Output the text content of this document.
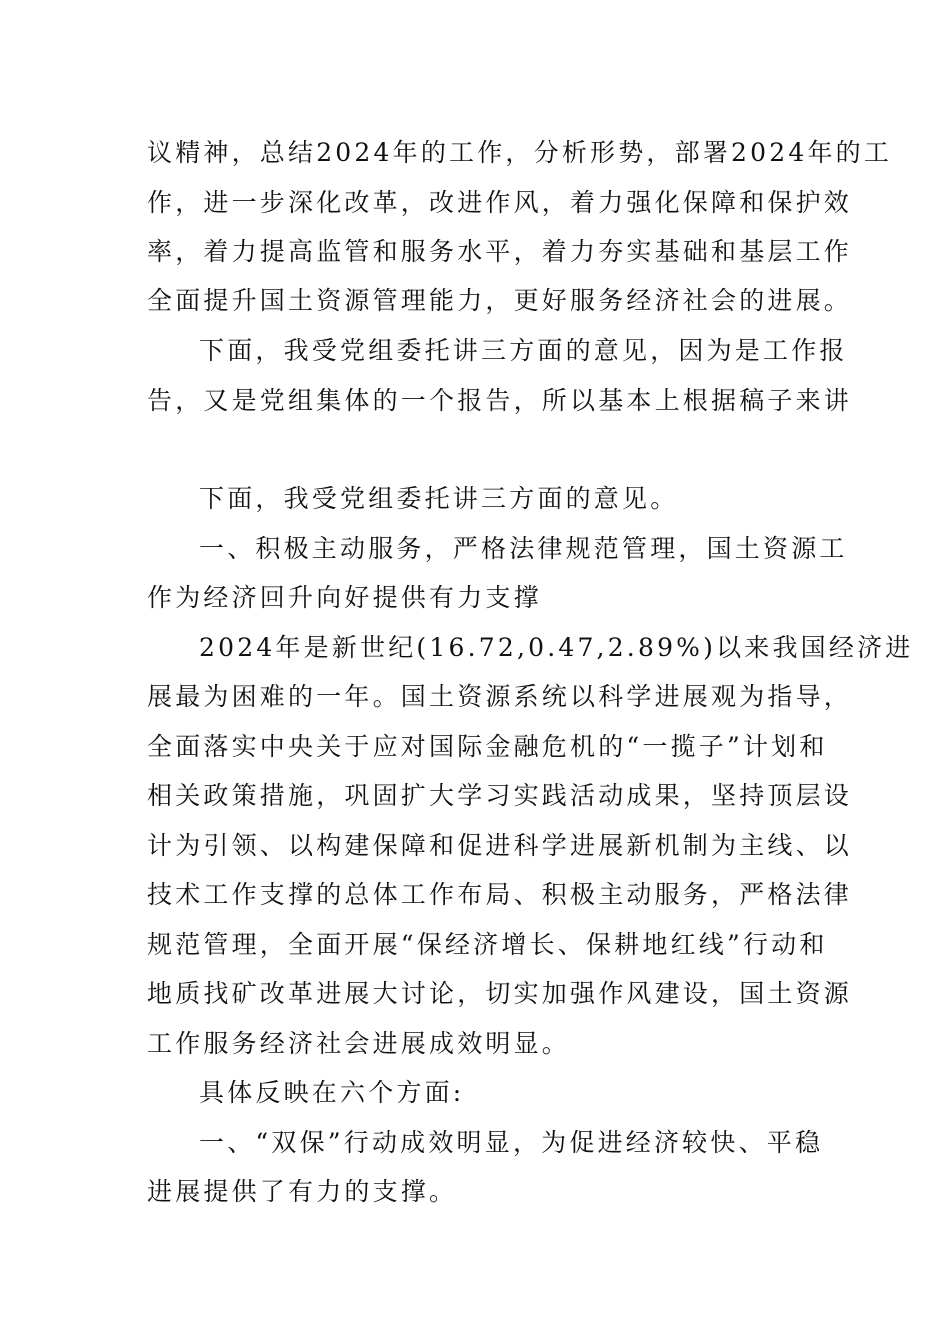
议精神，总结2024年的工作，分析形势，部署2024年的工
作，进一步深化改革，改进作风，着力强化保障和保护效
率，着力提高监管和服务水平，着力夯实基础和基层工作
全面提升国土资源管理能力，更好服务经济社会的进展。
下面，我受党组委托讲三方面的意见，因为是工作报
告，又是党组集体的一个报告，所以基本上根据稿子来讲
下面，我受党组委托讲三方面的意见。
一、积极主动服务，严格法律规范管理，国土资源工
作为经济回升向好提供有力支撑
2024年是新世纪(16.72,0.47,2.89%)以来我国经济进
展最为困难的一年。国土资源系统以科学进展观为指导，
全面落实中央关于应对国际金融危机的“一揽子”计划和
相关政策措施，巩固扩大学习实践活动成果，坚持顶层设
计为引领、以构建保障和促进科学进展新机制为主线、以
技术工作支撑的总体工作布局、积极主动服务，严格法律
规范管理，全面开展“保经济增长、保耕地红线”行动和
地质找矿改革进展大讨论，切实加强作风建设，国土资源
工作服务经济社会进展成效明显。
具体反映在六个方面:
一、“双保”行动成效明显，为促进经济较快、平稳
进展提供了有力的支撑。
